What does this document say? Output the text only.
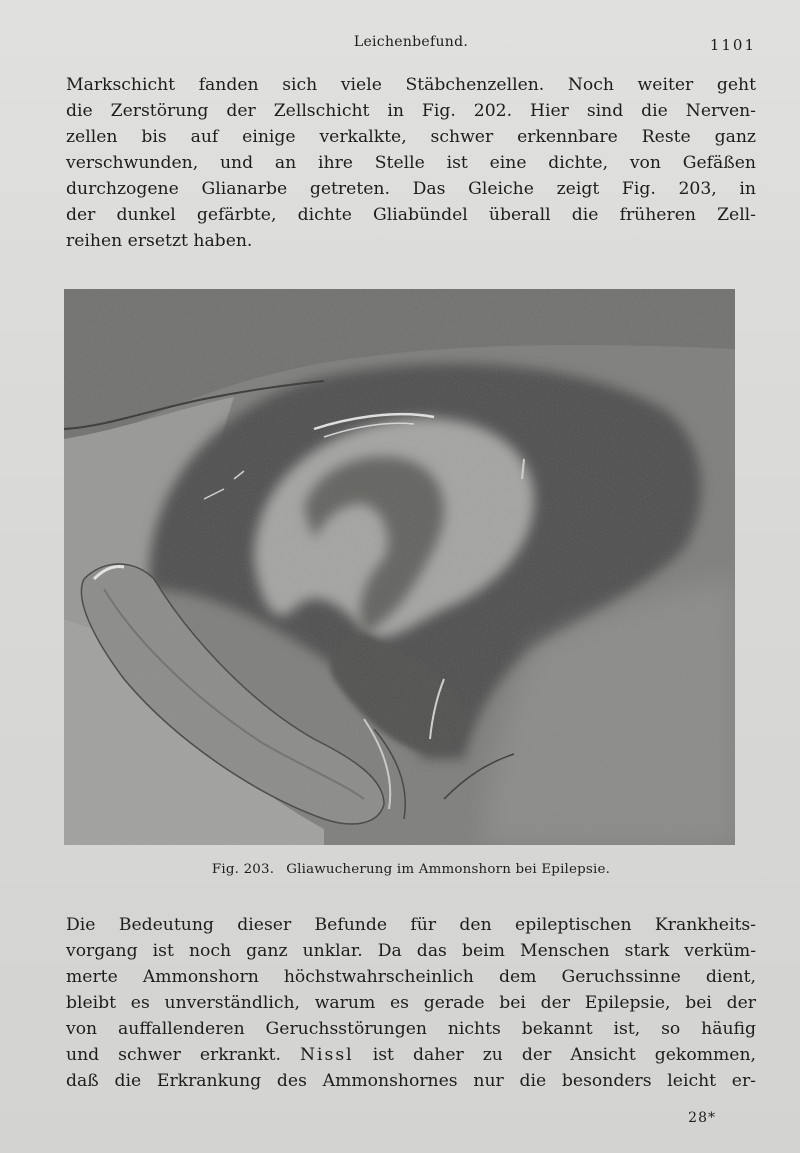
Leichenbefund.	1101
Markschicht fanden sich viele Stäbchenzellen. Noch weiter geht
die Zerstörung der Zellschicht in Fig. 202. Hier sind die Nerven-
zellen bis auf einige verkalkte, schwer erkennbare Reste ganz
verschwunden, und an ihre Stelle ist eine dichte, von Gefäßen
durchzogene Glianarbe getreten. Das Gleiche zeigt Fig. 203, in
der dunkel gefärbte, dichte Gliabündel überall die früheren Zell-
reihen ersetzt haben.
Fig. 203. Gliawucherung im Ammonshorn bei Epilepsie.
Die Bedeutung dieser Befunde für den epileptischen Krankheits-
vorgang ist noch ganz unklar. Da das beim Menschen stark verküm-
merte Ammonshorn höchstwahrscheinlich dem Geruchssinne dient,
bleibt es unverständlich, warum es gerade bei der Epilepsie, bei der
von auffallenderen Geruchsstörungen nichts bekannt ist, so häufig
und schwer erkrankt. Nissl ist daher zu der Ansicht gekommen,
daß die Erkrankung des Ammonshornes nur die besonders leicht er-
28*
